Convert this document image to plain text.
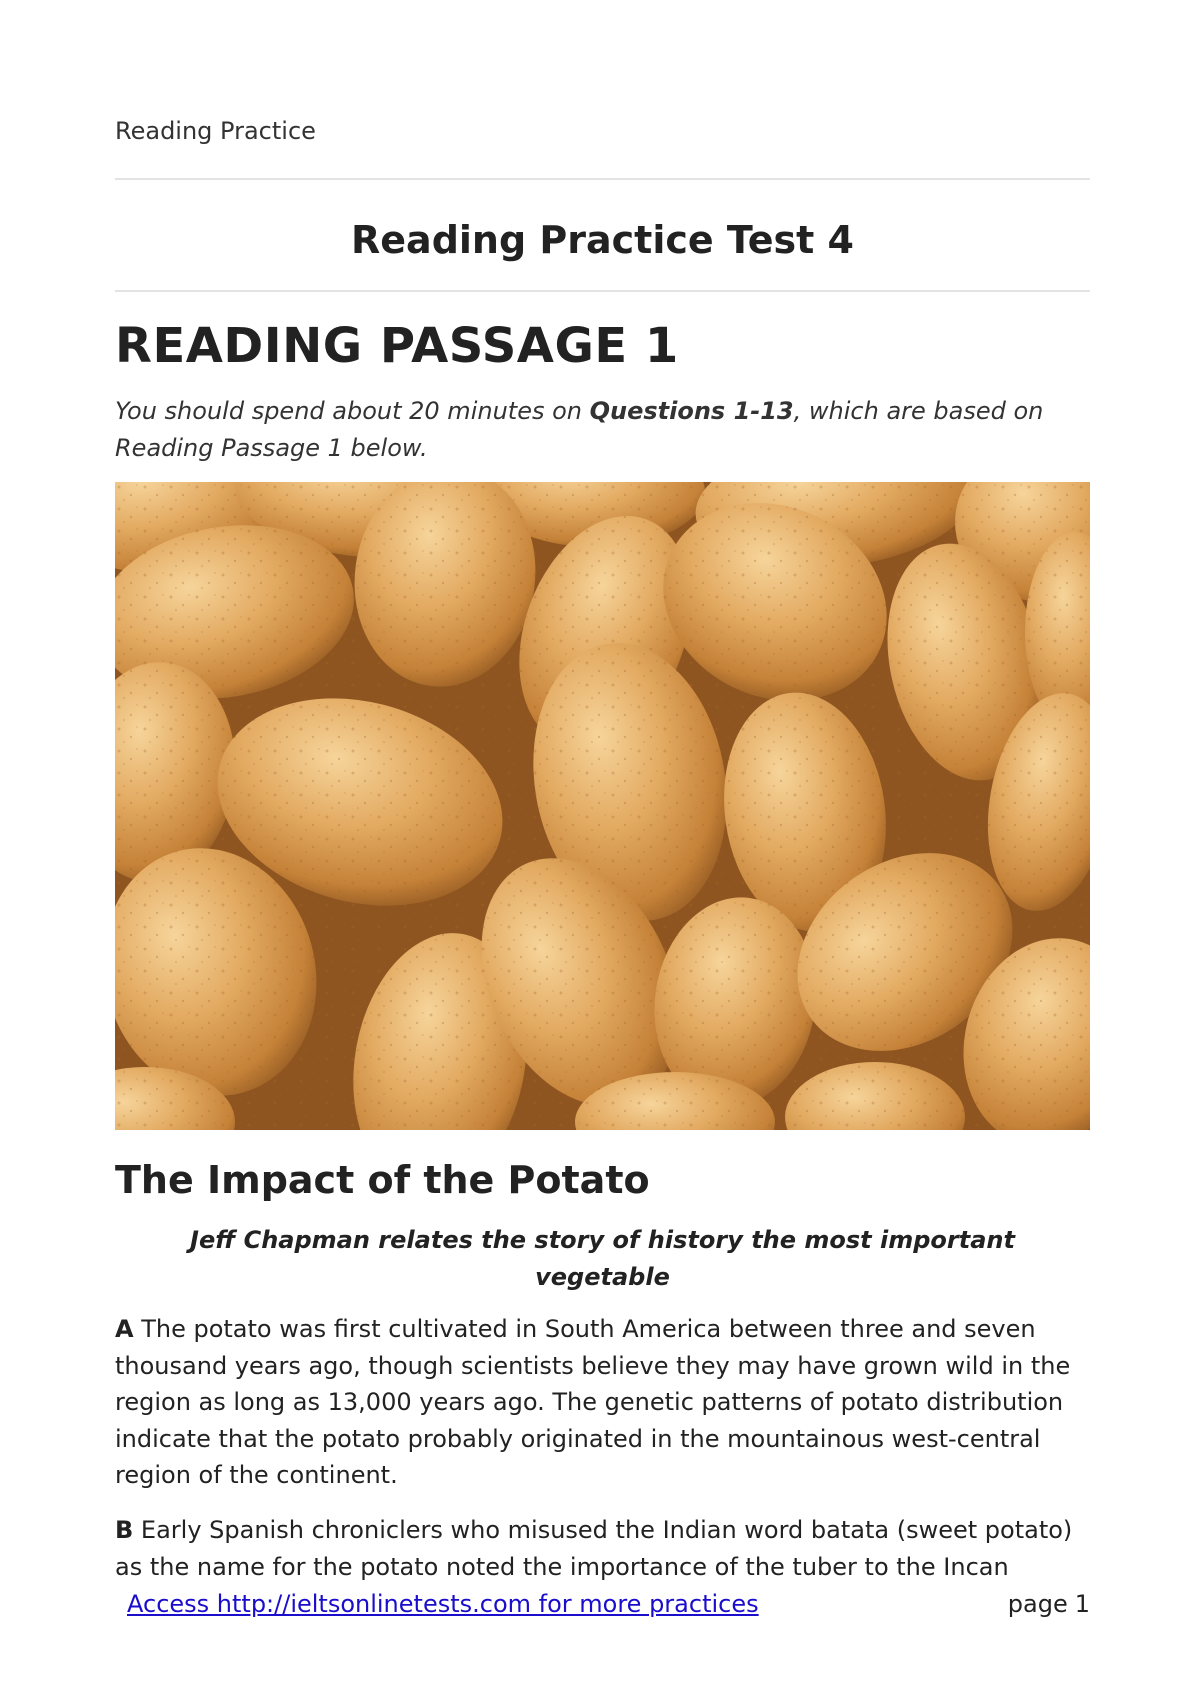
Reading Practice
Reading Practice Test 4
READING PASSAGE 1
You should spend about 20 minutes on Questions 1-13, which are based on Reading Passage 1 below.
The Impact of the Potato
Jeff Chapman relates the story of history the most important vegetable

A The potato was first cultivated in South America between three and seven thousand years ago, though scientists believe they may have grown wild in the region as long as 13,000 years ago. The genetic patterns of potato distribution indicate that the potato probably originated in the mountainous west-central region of the continent.

B Early Spanish chroniclers who misused the Indian word batata (sweet potato) as the name for the potato noted the importance of the tuber to the Incan

Access http://ieltsonlinetests.com for more practices	page 1
